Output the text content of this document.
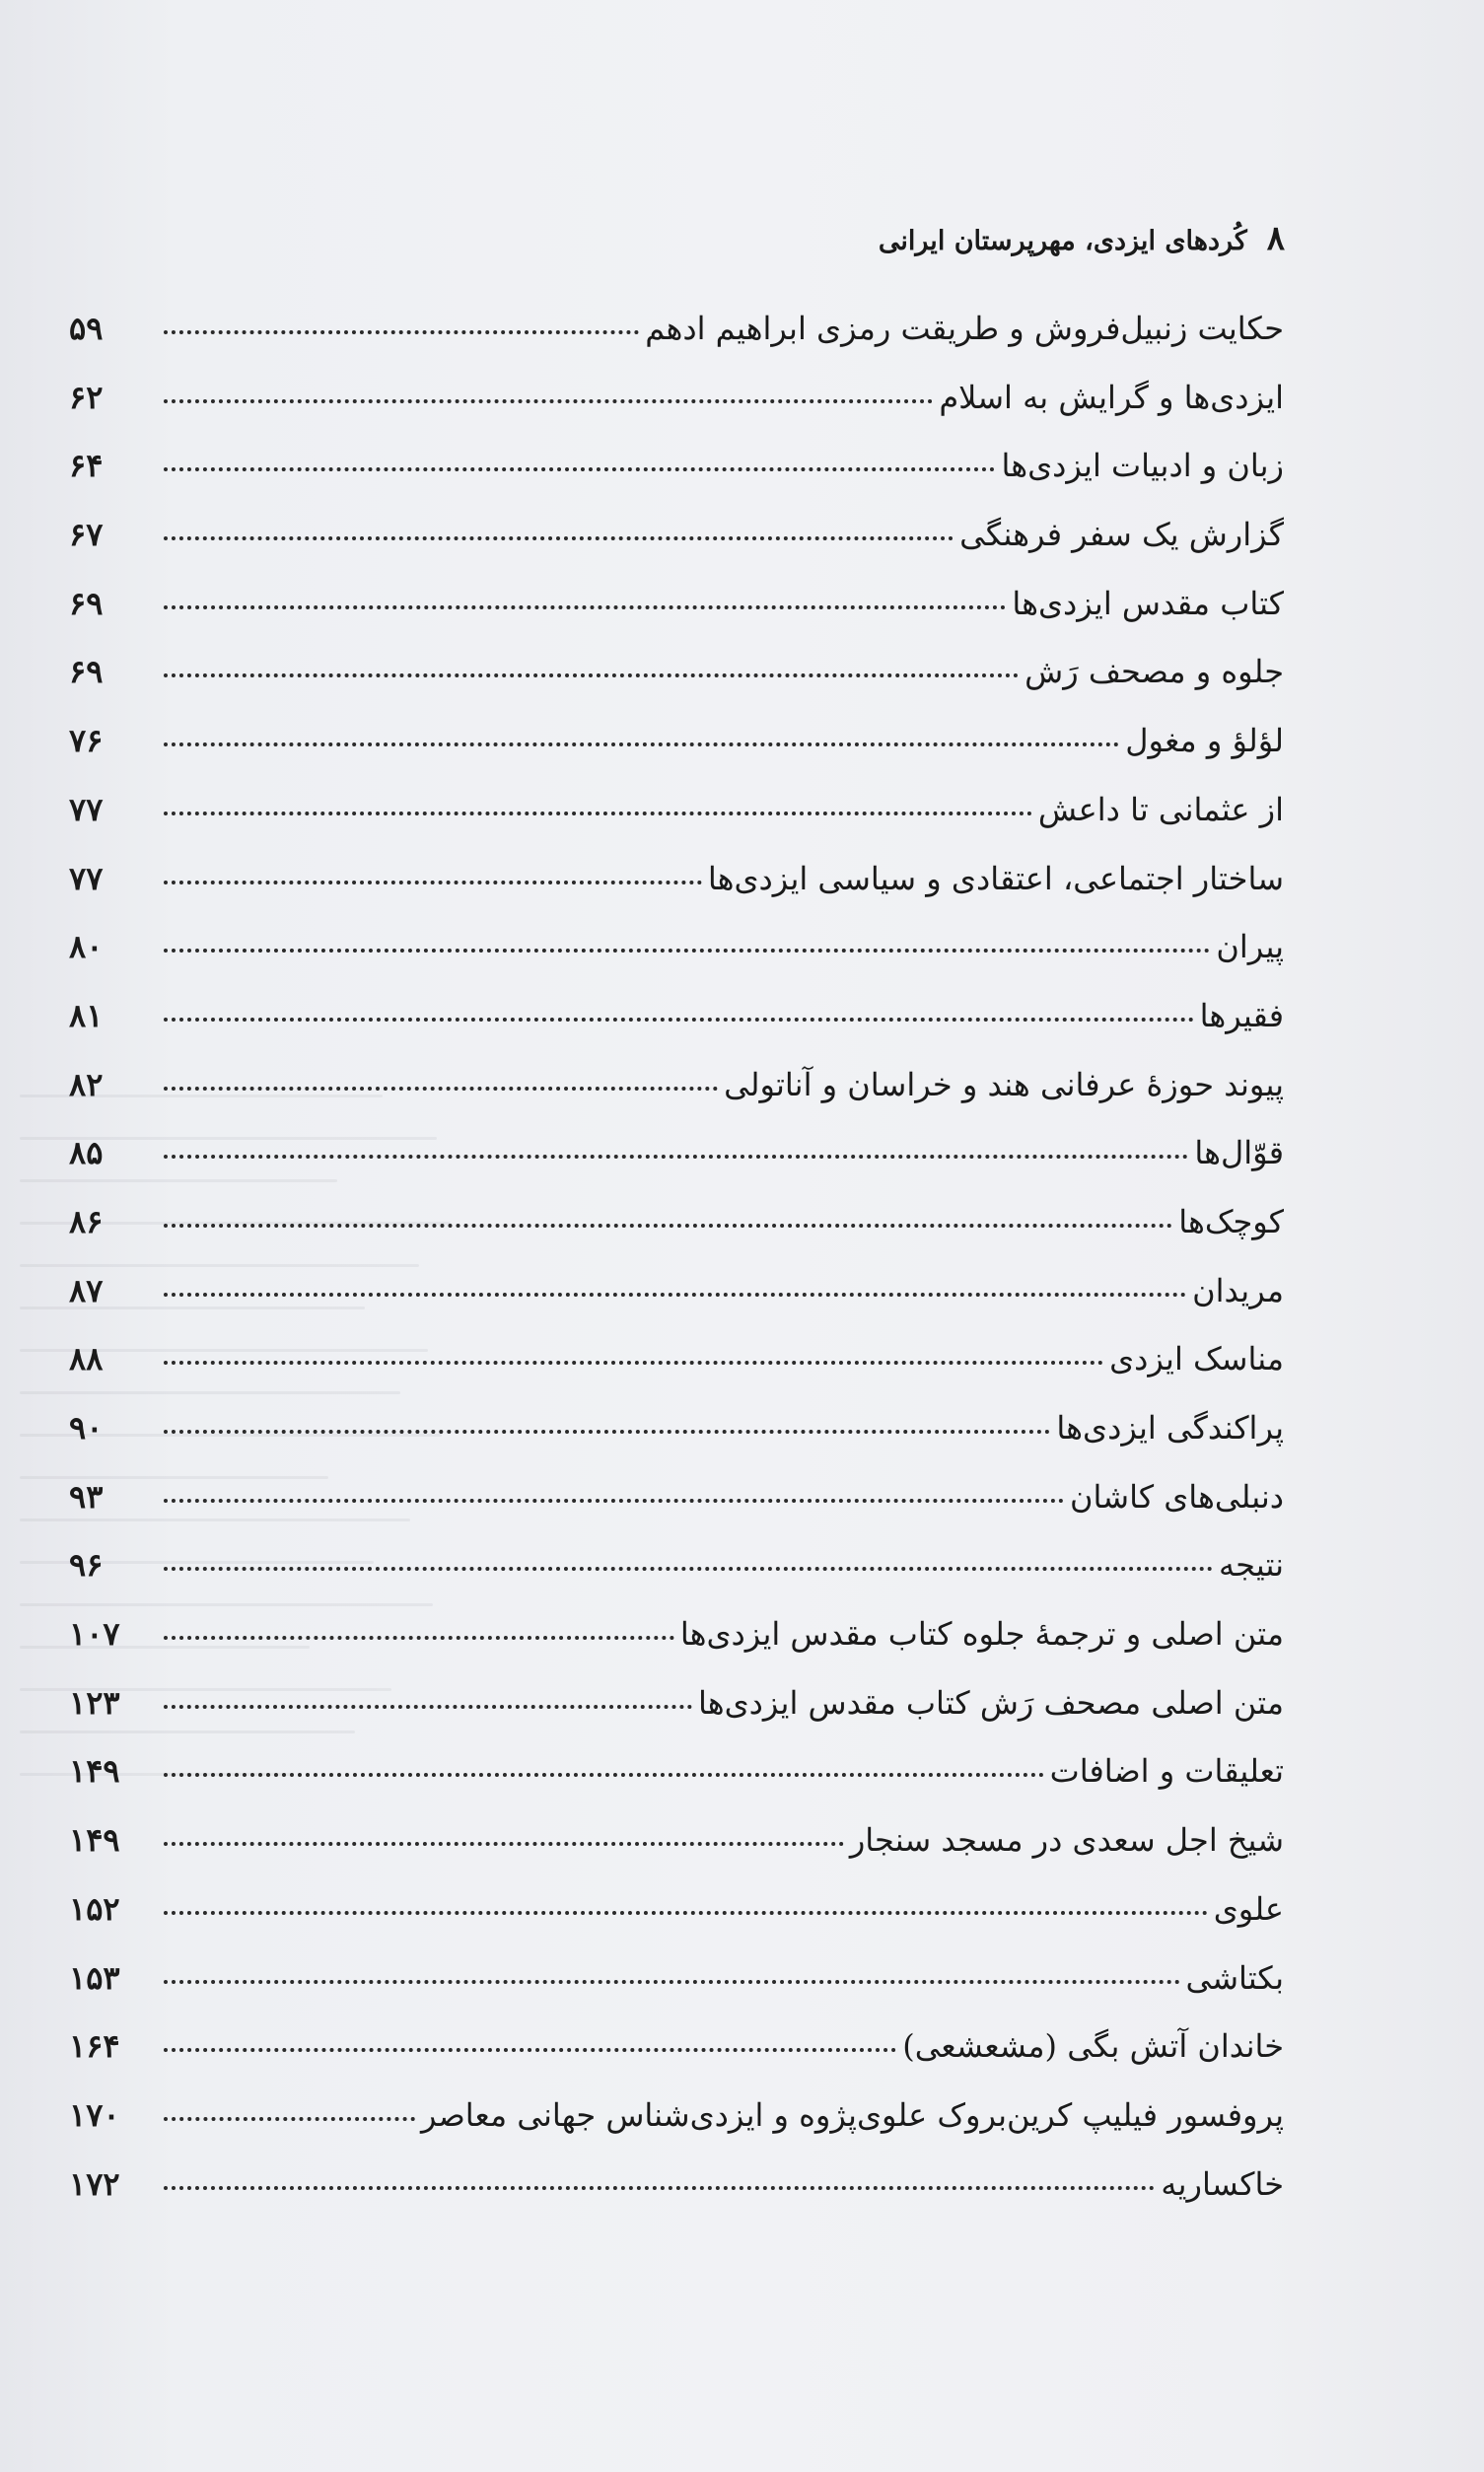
۸
کُردهای ایزدی، مهرپرستان ایرانی
حکایت زنبیل‌فروش و طریقت رمزی ابراهیم ادهم
۵۹
ایزدی‌ها و گرایش به اسلام
۶۲
زبان و ادبیات ایزدی‌ها
۶۴
گزارش یک سفر فرهنگی
۶۷
کتاب مقدس ایزدی‌ها
۶۹
جلوه و مصحف رَش
۶۹
لؤلؤ و مغول
۷۶
از عثمانی تا داعش
۷۷
ساختار اجتماعی، اعتقادی و سیاسی ایزدی‌ها
۷۷
پیران
۸۰
فقیرها
۸۱
پیوند حوزهٔ عرفانی هند و خراسان و آناتولی
۸۲
قوّال‌ها
۸۵
کوچک‌ها
۸۶
مریدان
۸۷
مناسک ایزدی
۸۸
پراکندگی ایزدی‌ها
۹۰
دنبلی‌های کاشان
۹۳
نتیجه
۹۶
متن اصلی و ترجمهٔ جلوه کتاب مقدس ایزدی‌ها
۱۰۷
متن اصلی مصحف رَش کتاب مقدس ایزدی‌ها
۱۲۳
تعلیقات و اضافات
۱۴۹
شیخ اجل سعدی در مسجد سنجار
۱۴۹
علوی
۱۵۲
بکتاشی
۱۵۳
خاندان آتش بگی (مشعشعی)
۱۶۴
پروفسور فیلیپ کرین‌بروک علوی‌پژوه و ایزدی‌شناس جهانی معاصر
۱۷۰
خاکساریه
۱۷۲
